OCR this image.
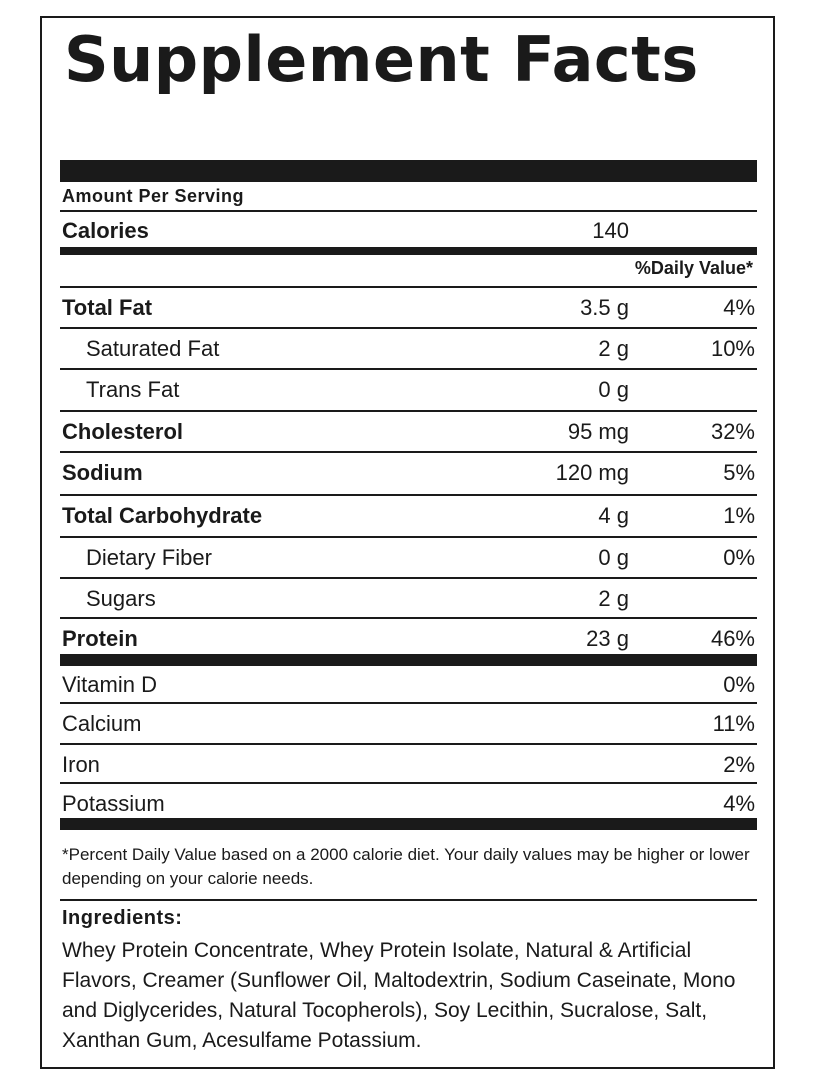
Supplement Facts
Amount Per Serving
Calories	140
%Daily Value*
Total Fat	3.5 g	4%
Saturated Fat	2 g	10%
Trans Fat	0 g
Cholesterol	95 mg	32%
Sodium	120 mg	5%
Total Carbohydrate	4 g	1%
Dietary Fiber	0 g	0%
Sugars	2 g
Protein	23 g	46%
Vitamin D	0%
Calcium	11%
Iron	2%
Potassium	4%
*Percent Daily Value based on a 2000 calorie diet. Your daily values may be higher or lower depending on your calorie needs.
Ingredients:
Whey Protein Concentrate, Whey Protein Isolate, Natural & Artificial Flavors, Creamer (Sunflower Oil, Maltodextrin, Sodium Caseinate, Mono and Diglycerides, Natural Tocopherols), Soy Lecithin, Sucralose, Salt, Xanthan Gum, Acesulfame Potassium.
